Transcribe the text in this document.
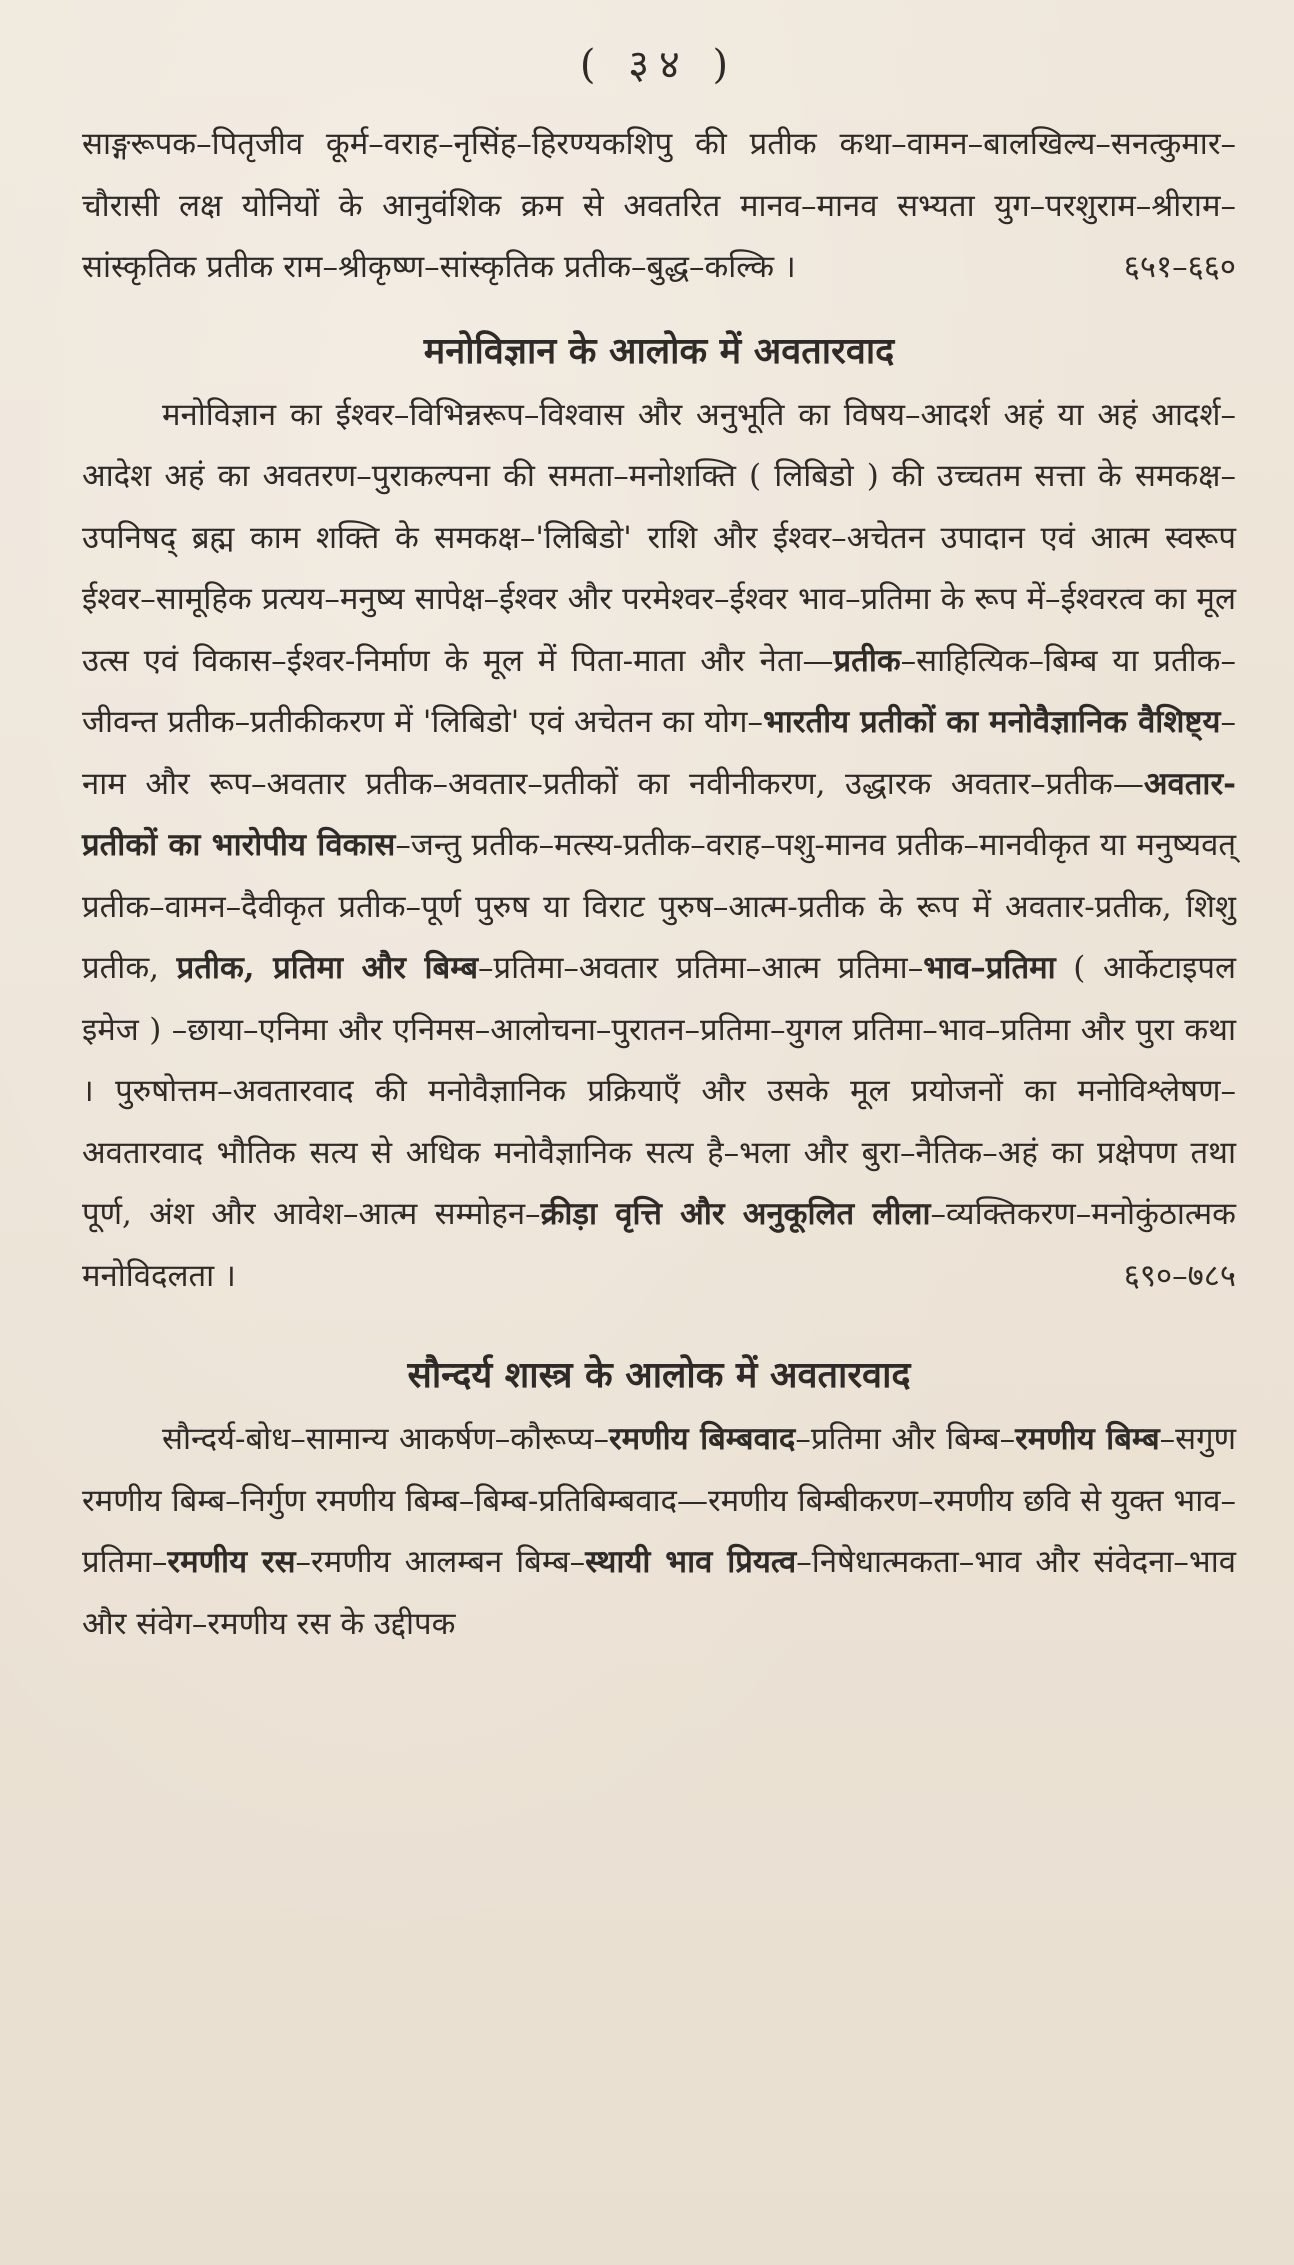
( ३४ )

साङ्गरूपक–पितृजीव कूर्म–वराह–नृसिंह–हिरण्यकशिपु की प्रतीक कथा–वामन–बालखिल्य–सनत्कुमार–चौरासी लक्ष योनियों के आनुवंशिक क्रम से अवतरित मानव–मानव सभ्यता युग–परशुराम–श्रीराम–सांस्कृतिक प्रतीक राम–श्रीकृष्ण–सांस्कृतिक प्रतीक–बुद्ध–कल्कि ।	६५१–६६०

मनोविज्ञान के आलोक में अवतारवाद

मनोविज्ञान का ईश्वर–विभिन्नरूप–विश्वास और अनुभूति का विषय–आदर्श अहं या अहं आदर्श–आदेश अहं का अवतरण–पुराकल्पना की समता–मनोशक्ति ( लिबिडो ) की उच्चतम सत्ता के समकक्ष–उपनिषद् ब्रह्म काम शक्ति के समकक्ष–'लिबिडो' राशि और ईश्वर–अचेतन उपादान एवं आत्म स्वरूप ईश्वर–सामूहिक प्रत्यय–मनुष्य सापेक्ष–ईश्वर और परमेश्वर–ईश्वर भाव–प्रतिमा के रूप में–ईश्वरत्व का मूल उत्स एवं विकास–ईश्वर-निर्माण के मूल में पिता-माता और नेता—प्रतीक–साहित्यिक–बिम्ब या प्रतीक–जीवन्त प्रतीक–प्रतीकीकरण में 'लिबिडो' एवं अचेतन का योग–भारतीय प्रतीकों का मनोवैज्ञानिक वैशिष्ट्य–नाम और रूप–अवतार प्रतीक–अवतार–प्रतीकों का नवीनीकरण, उद्धारक अवतार–प्रतीक—अवतार-प्रतीकों का भारोपीय विकास–जन्तु प्रतीक–मत्स्य-प्रतीक–वराह–पशु-मानव प्रतीक–मानवीकृत या मनुष्यवत् प्रतीक–वामन–दैवीकृत प्रतीक–पूर्ण पुरुष या विराट पुरुष–आत्म-प्रतीक के रूप में अवतार-प्रतीक, शिशु प्रतीक, प्रतीक, प्रतिमा और बिम्ब–प्रतिमा–अवतार प्रतिमा–आत्म प्रतिमा–भाव–प्रतिमा ( आर्केटाइपल इमेज ) –छाया–एनिमा और एनिमस–आलोचना–पुरातन–प्रतिमा–युगल प्रतिमा–भाव–प्रतिमा और पुरा कथा । पुरुषोत्तम–अवतारवाद की मनोवैज्ञानिक प्रक्रियाएँ और उसके मूल प्रयोजनों का मनोविश्लेषण–अवतारवाद भौतिक सत्य से अधिक मनोवैज्ञानिक सत्य है–भला और बुरा–नैतिक–अहं का प्रक्षेपण तथा पूर्ण, अंश और आवेश–आत्म सम्मोहन–क्रीड़ा वृत्ति और अनुकूलित लीला–व्यक्तिकरण–मनोकुंठात्मक मनोविदलता ।	६९०–७८५

सौन्दर्य शास्त्र के आलोक में अवतारवाद

सौन्दर्य-बोध–सामान्य आकर्षण–कौरूप्य–रमणीय बिम्बवाद–प्रतिमा और बिम्ब–रमणीय बिम्ब–सगुण रमणीय बिम्ब–निर्गुण रमणीय बिम्ब–बिम्ब-प्रतिबिम्बवाद—रमणीय बिम्बीकरण–रमणीय छवि से युक्त भाव–प्रतिमा–रमणीय रस–रमणीय आलम्बन बिम्ब–स्थायी भाव प्रियत्व–निषेधात्मकता–भाव और संवेदना–भाव और संवेग–रमणीय रस के उद्दीपक
